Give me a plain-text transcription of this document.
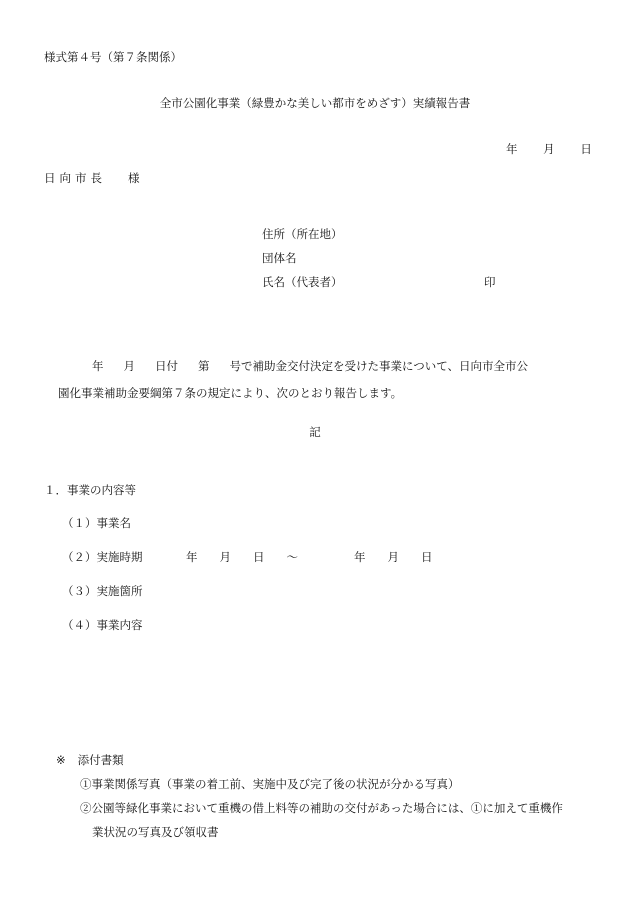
様式第４号（第７条関係）
全市公園化事業（緑豊かな美しい都市をめざす）実績報告書
年 月 日
日向市長 様
住所（所在地）
団体名
氏名（代表者）	印
年 月 日付 第 号で補助金交付決定を受けた事業について、日向市全市公
園化事業補助金要綱第７条の規定により、次のとおり報告します。
記
１．事業の内容等
（１）事業名
（２）実施時期	年 月 日 ～	年 月 日
（３）実施箇所
（４）事業内容
※ 添付書類
①事業関係写真（事業の着工前、実施中及び完了後の状況が分かる写真）
②公園等緑化事業において重機の借上料等の補助の交付があった場合には、①に加えて重機作
業状況の写真及び領収書
